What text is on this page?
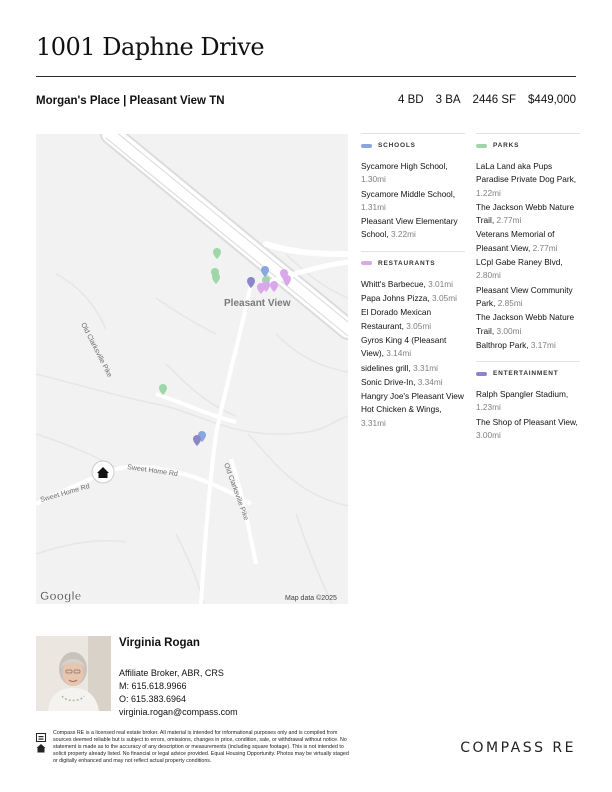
1001 Daphne Drive
Morgan's Place | Pleasant View TN	4 BD 3 BA 2446 SF $449,000
Pleasant View
Old Clarksville Pike
Sweet Home Rd
Sweet Home Rd	Old Clarksville Pike
Google	Map data ©2025
SCHOOLS
Sycamore High School, 1.30mi
Sycamore Middle School, 1.31mi
Pleasant View Elementary School, 3.22mi
RESTAURANTS
Whitt's Barbecue, 3.01mi
Papa Johns Pizza, 3.05mi
El Dorado Mexican Restaurant, 3.05mi
Gyros King 4 (Pleasant View), 3.14mi
sidelines grill, 3.31mi
Sonic Drive-In, 3.34mi
Hangry Joe's Pleasant View Hot Chicken & Wings, 3.31mi
PARKS
LaLa Land aka Pups Paradise Private Dog Park, 1.22mi
The Jackson Webb Nature Trail, 2.77mi
Veterans Memorial of Pleasant View, 2.77mi
LCpl Gabe Raney Blvd, 2.80mi
Pleasant View Community Park, 2.85mi
The Jackson Webb Nature Trail, 3.00mi
Balthrop Park, 3.17mi
ENTERTAINMENT
Ralph Spangler Stadium, 1.23mi
The Shop of Pleasant View, 3.00mi
Virginia Rogan
Affiliate Broker, ABR, CRS
M: 615.618.9966
O: 615.383.6964
virginia.rogan@compass.com
Compass RE is a licensed real estate broker. All material is intended for informational purposes only and is compiled from sources deemed reliable but is subject to errors, omissions, changes in price, condition, sale, or withdrawal without notice. No statement is made as to the accuracy of any description or measurements (including square footage). This is not intended to solicit property already listed. No financial or legal advice provided. Equal Housing Opportunity. Photos may be virtually staged or digitally enhanced and may not reflect actual property conditions.
COMPASS RE
